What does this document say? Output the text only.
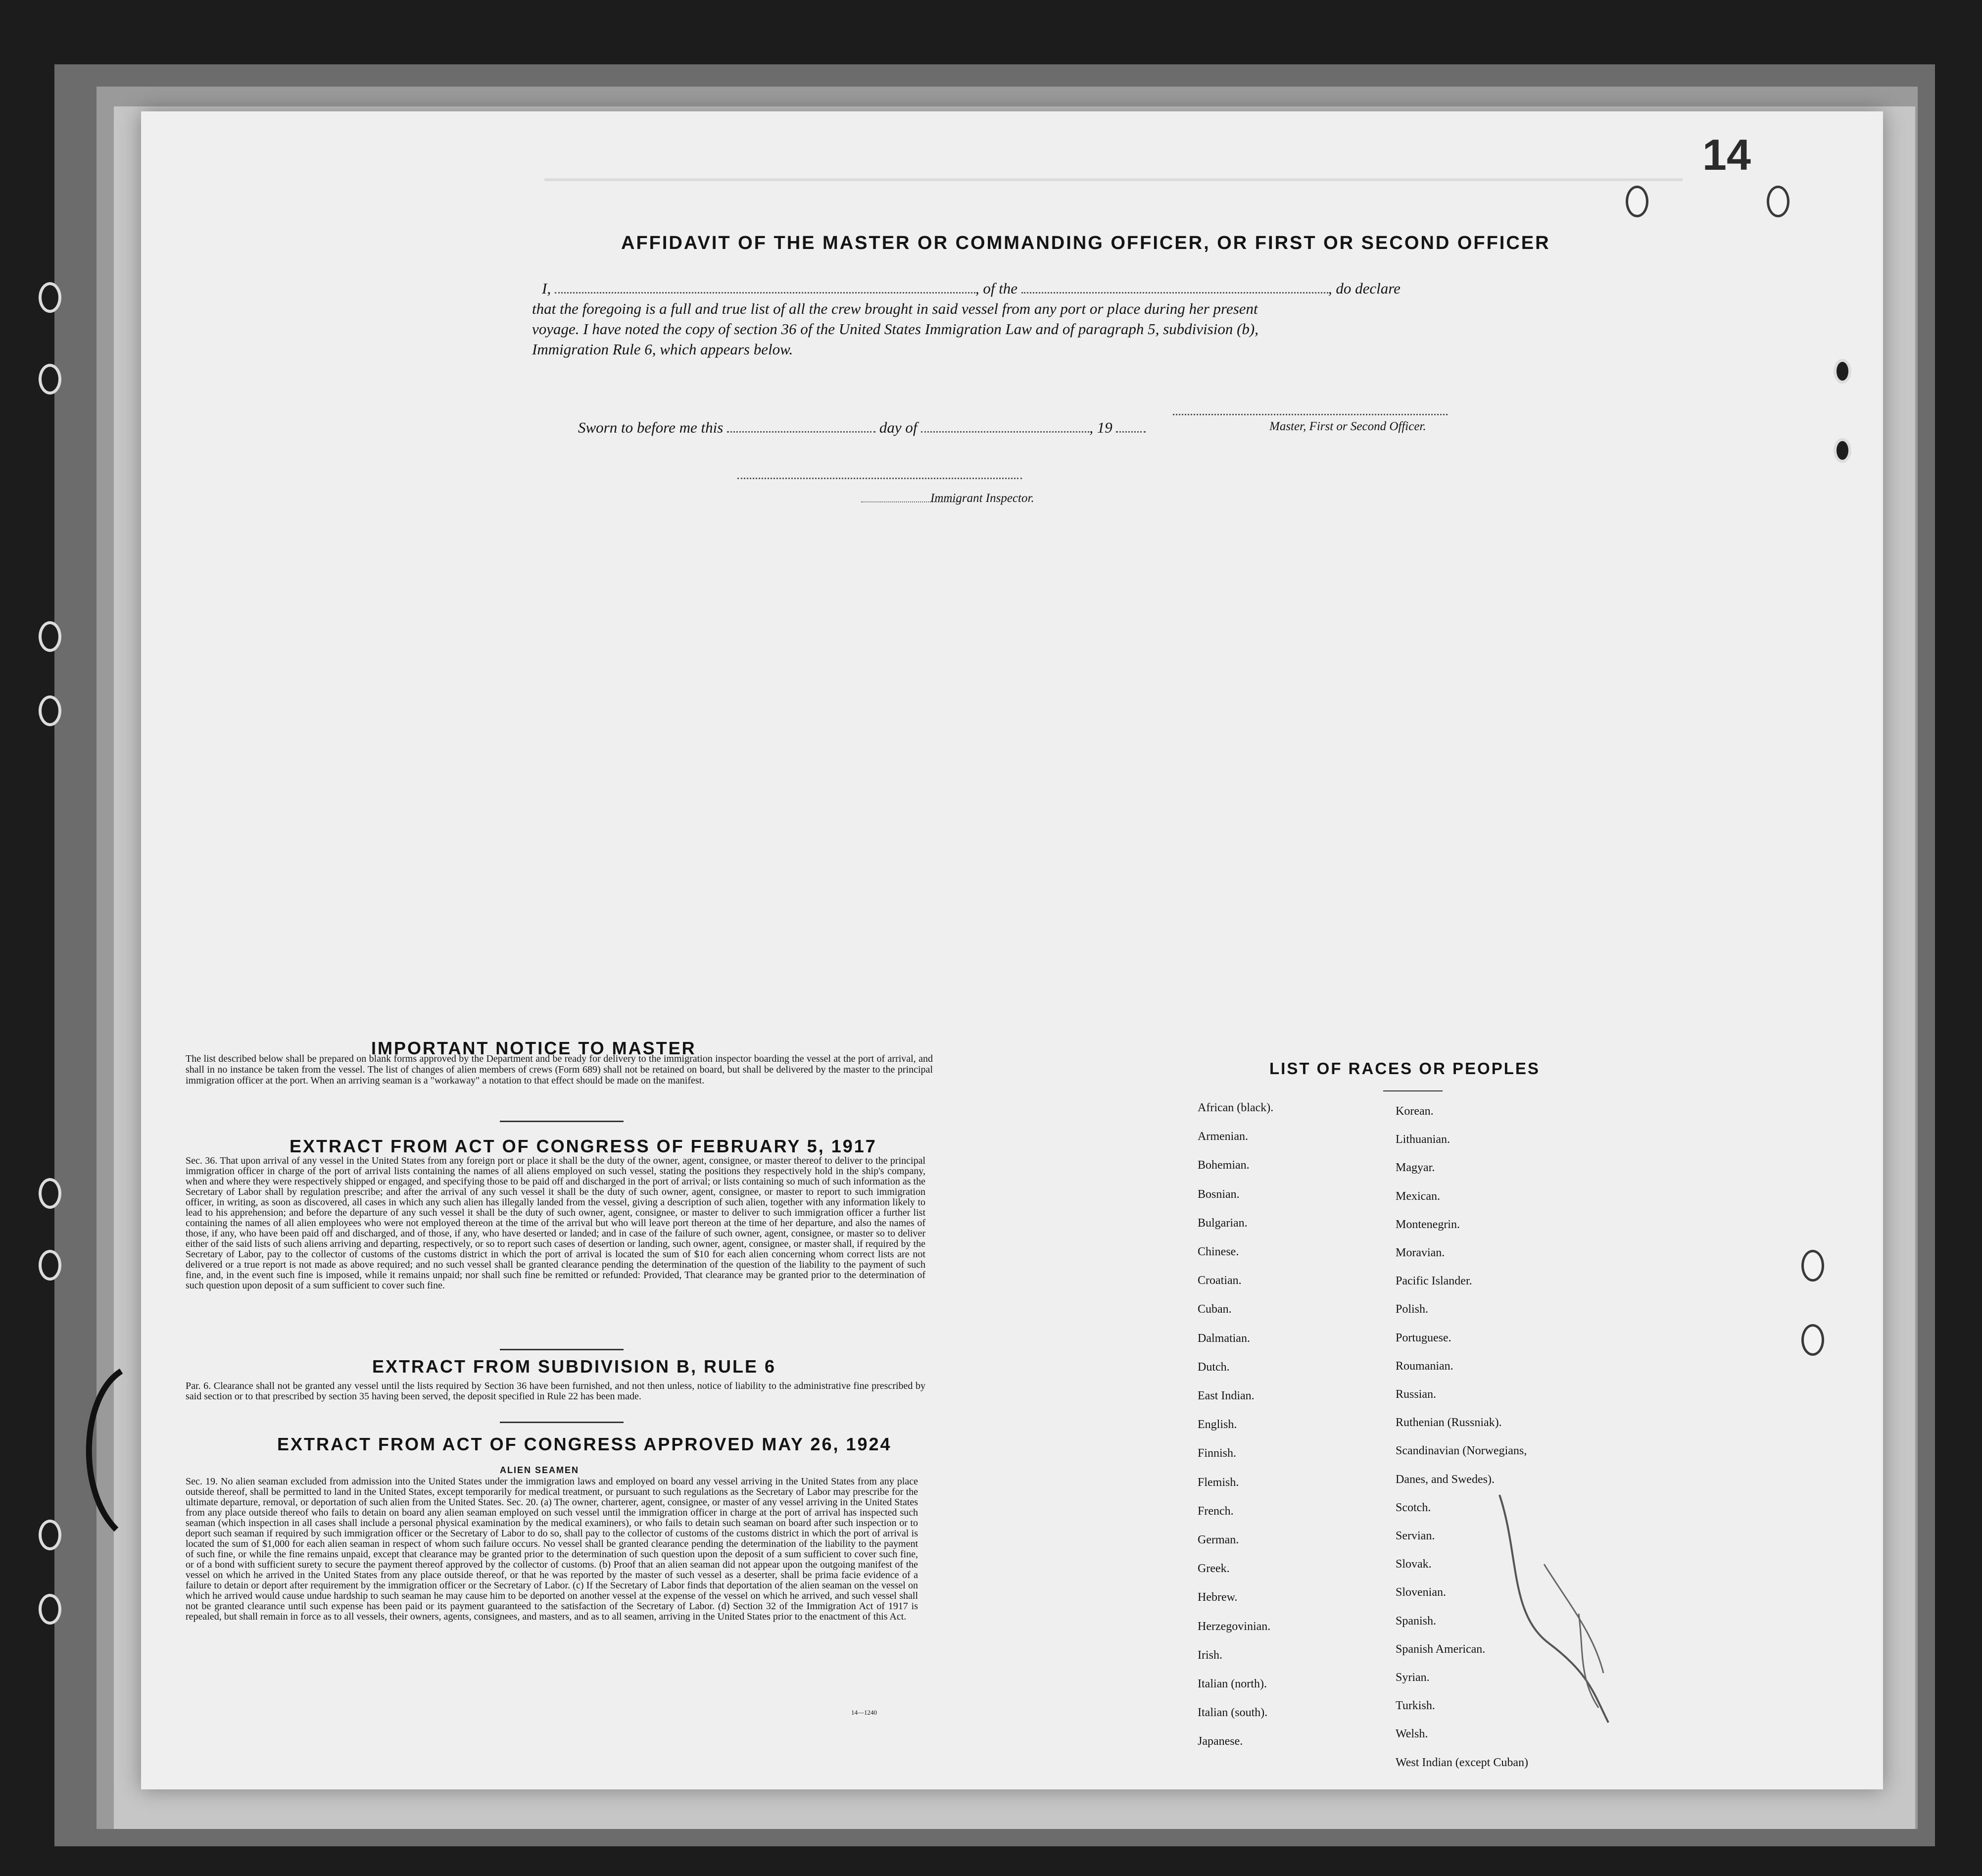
14
AFFIDAVIT OF THE MASTER OR COMMANDING OFFICER, OR FIRST OR SECOND OFFICER
I,	, of the	, do declare
that the foregoing is a full and true list of all the crew brought in said vessel from any port or place during her present
voyage. I have noted the copy of section 36 of the United States Immigration Law and of paragraph 5, subdivision (b),
Immigration Rule 6, which appears below.
Master, First or Second Officer.
Sworn to before me this	day of	, 19
Immigrant Inspector.
IMPORTANT NOTICE TO MASTER
The list described below shall be prepared on blank forms approved by the Department and be ready for delivery to the immigration inspector boarding the vessel at the port of arrival, and shall in no instance be taken from the vessel. The list of changes of alien members of crews (Form 689) shall not be retained on board, but shall be delivered by the master to the principal immigration officer at the port. When an arriving seaman is a "workaway" a notation to that effect should be made on the manifest.
EXTRACT FROM ACT OF CONGRESS OF FEBRUARY 5, 1917
Sec. 36. That upon arrival of any vessel in the United States from any foreign port or place it shall be the duty of the owner, agent, consignee, or master thereof to deliver to the principal immigration officer in charge of the port of arrival lists containing the names of all aliens employed on such vessel, stating the positions they respectively hold in the ship's company, when and where they were respectively shipped or engaged, and specifying those to be paid off and discharged in the port of arrival; or lists containing so much of such information as the Secretary of Labor shall by regulation prescribe; and after the arrival of any such vessel it shall be the duty of such owner, agent, consignee, or master to report to such immigration officer, in writing, as soon as discovered, all cases in which any such alien has illegally landed from the vessel, giving a description of such alien, together with any information likely to lead to his apprehension; and before the departure of any such vessel it shall be the duty of such owner, agent, consignee, or master to deliver to such immigration officer a further list containing the names of all alien employees who were not employed thereon at the time of the arrival but who will leave port thereon at the time of her departure, and also the names of those, if any, who have been paid off and discharged, and of those, if any, who have deserted or landed; and in case of the failure of such owner, agent, consignee, or master so to deliver either of the said lists of such aliens arriving and departing, respectively, or so to report such cases of desertion or landing, such owner, agent, consignee, or master shall, if required by the Secretary of Labor, pay to the collector of customs of the customs district in which the port of arrival is located the sum of $10 for each alien concerning whom correct lists are not delivered or a true report is not made as above required; and no such vessel shall be granted clearance pending the determination of the question of the liability to the payment of such fine, and, in the event such fine is imposed, while it remains unpaid; nor shall such fine be remitted or refunded: Provided, That clearance may be granted prior to the determination of such question upon deposit of a sum sufficient to cover such fine.
EXTRACT FROM SUBDIVISION B, RULE 6
Par. 6. Clearance shall not be granted any vessel until the lists required by Section 36 have been furnished, and not then unless, notice of liability to the administrative fine prescribed by said section or to that prescribed by section 35 having been served, the deposit specified in Rule 22 has been made.
EXTRACT FROM ACT OF CONGRESS APPROVED MAY 26, 1924
ALIEN SEAMEN
Sec. 19. No alien seaman excluded from admission into the United States under the immigration laws and employed on board any vessel arriving in the United States from any place outside thereof, shall be permitted to land in the United States, except temporarily for medical treatment, or pursuant to such regulations as the Secretary of Labor may prescribe for the ultimate departure, removal, or deportation of such alien from the United States. Sec. 20. (a) The owner, charterer, agent, consignee, or master of any vessel arriving in the United States from any place outside thereof who fails to detain on board any alien seaman employed on such vessel until the immigration officer in charge at the port of arrival has inspected such seaman (which inspection in all cases shall include a personal physical examination by the medical examiners), or who fails to detain such seaman on board after such inspection or to deport such seaman if required by such immigration officer or the Secretary of Labor to do so, shall pay to the collector of customs of the customs district in which the port of arrival is located the sum of $1,000 for each alien seaman in respect of whom such failure occurs. No vessel shall be granted clearance pending the determination of the liability to the payment of such fine, or while the fine remains unpaid, except that clearance may be granted prior to the determination of such question upon the deposit of a sum sufficient to cover such fine, or of a bond with sufficient surety to secure the payment thereof approved by the collector of customs. (b) Proof that an alien seaman did not appear upon the outgoing manifest of the vessel on which he arrived in the United States from any place outside thereof, or that he was reported by the master of such vessel as a deserter, shall be prima facie evidence of a failure to detain or deport after requirement by the immigration officer or the Secretary of Labor. (c) If the Secretary of Labor finds that deportation of the alien seaman on the vessel on which he arrived would cause undue hardship to such seaman he may cause him to be deported on another vessel at the expense of the vessel on which he arrived, and such vessel shall not be granted clearance until such expense has been paid or its payment guaranteed to the satisfaction of the Secretary of Labor. (d) Section 32 of the Immigration Act of 1917 is repealed, but shall remain in force as to all vessels, their owners, agents, consignees, and masters, and as to all seamen, arriving in the United States prior to the enactment of this Act.
14—1240
LIST OF RACES OR PEOPLES
African (black).
Armenian.
Bohemian.
Bosnian.
Bulgarian.
Chinese.
Croatian.
Cuban.
Dalmatian.
Dutch.
East Indian.
English.
Finnish.
Flemish.
French.
German.
Greek.
Hebrew.
Herzegovinian.
Irish.
Italian (north).
Italian (south).
Japanese.
Korean.
Lithuanian.
Magyar.
Mexican.
Montenegrin.
Moravian.
Pacific Islander.
Polish.
Portuguese.
Roumanian.
Russian.
Ruthenian (Russniak).
Scandinavian (Norwegians,
Danes, and Swedes).
Scotch.
Servian.
Slovak.
Slovenian.
Spanish.
Spanish American.
Syrian.
Turkish.
Welsh.
West Indian (except Cuban)
